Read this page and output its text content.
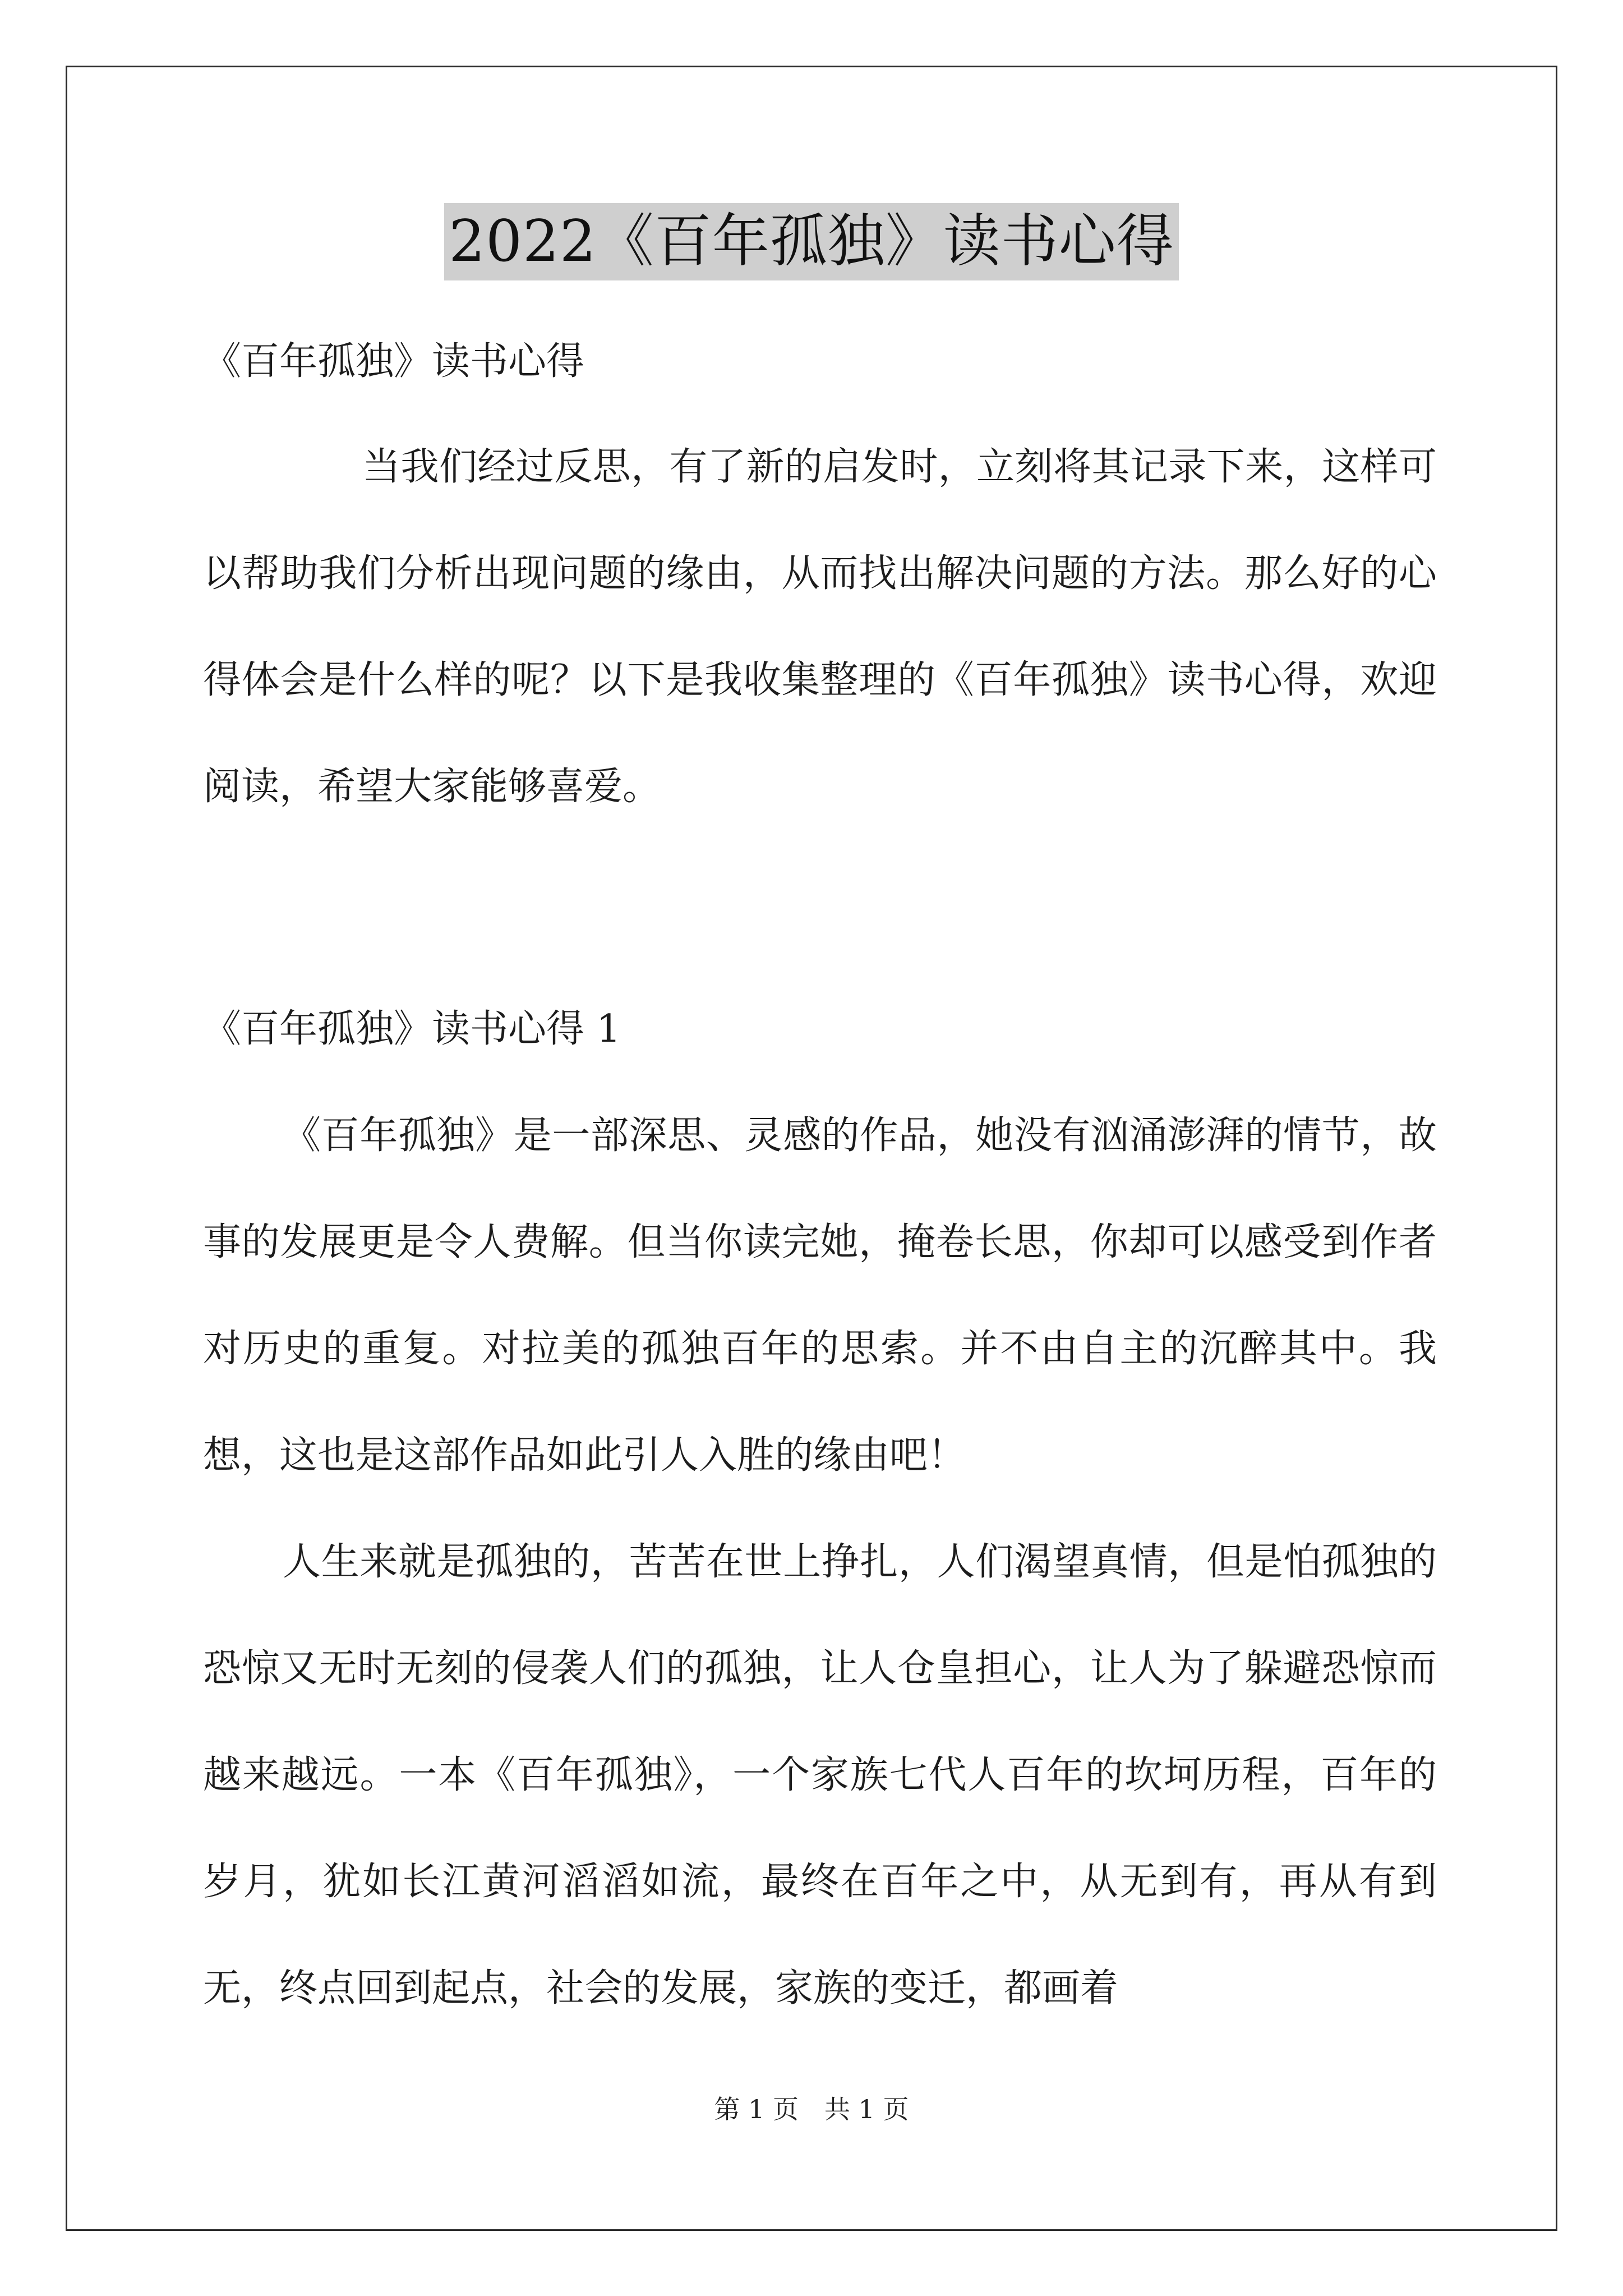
2022《百年孤独》读书心得

《百年孤独》读书心得

当我们经过反思，有了新的启发时，立刻将其记录下来，这样可以帮助我们分析出现问题的缘由，从而找出解决问题的方法。那么好的心得体会是什么样的呢？以下是我收集整理的《百年孤独》读书心得，欢迎阅读，希望大家能够喜爱。

《百年孤独》读书心得 1

《百年孤独》是一部深思、灵感的作品，她没有汹涌澎湃的情节，故事的发展更是令人费解。但当你读完她，掩卷长思，你却可以感受到作者对历史的重复。对拉美的孤独百年的思索。并不由自主的沉醉其中。我想，这也是这部作品如此引人入胜的缘由吧！

人生来就是孤独的，苦苦在世上挣扎，人们渴望真情，但是怕孤独的恐惊又无时无刻的侵袭人们的孤独，让人仓皇担心，让人为了躲避恐惊而越来越远。一本《百年孤独》，一个家族七代人百年的坎坷历程，百年的岁月，犹如长江黄河滔滔如流，最终在百年之中，从无到有，再从有到无，终点回到起点，社会的发展，家族的变迁，都画着

第 1 页　共 1 页
